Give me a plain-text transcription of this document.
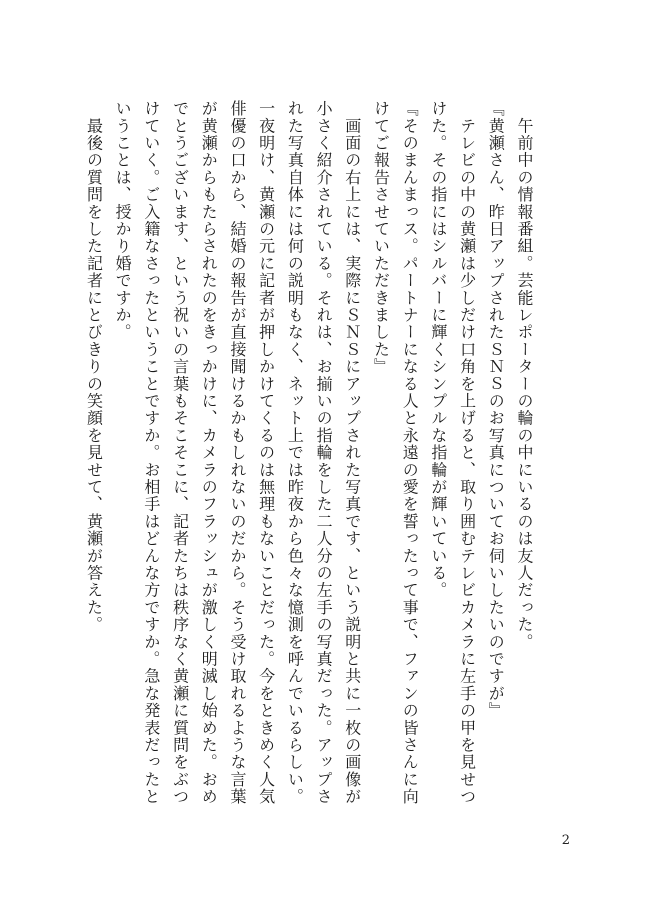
　午前中の情報番組。芸能レポーターの輪の中にいるのは友人だった。

『黄瀬さん、昨日アップされたＳＮＳのお写真についてお伺いしたいのですが』

　テレビの中の黄瀬は少しだけ口角を上げると、取り囲むテレビカメラに左手の甲を見せつけた。その指にはシルバーに輝くシンプルな指輪が輝いている。

『そのまんまっス。パートナーになる人と永遠の愛を誓ったって事で、ファンの皆さんに向けてご報告させていただきました』

　画面の右上には、実際にＳＮＳにアップされた写真です、という説明と共に一枚の画像が小さく紹介されている。それは、お揃いの指輪をした二人分の左手の写真だった。アップされた写真自体には何の説明もなく、ネット上では昨夜から色々な憶測を呼んでいるらしい。一夜明け、黄瀬の元に記者が押しかけてくるのは無理もないことだった。今をときめく人気俳優の口から、結婚の報告が直接聞けるかもしれないのだから。そう受け取れるような言葉が黄瀬からもたらされたのをきっかけに、カメラのフラッシュが激しく明滅し始めた。おめでとうございます、という祝いの言葉もそこそこに、記者たちは秩序なく黄瀬に質問をぶつけていく。ご入籍なさったということですか。お相手はどんな方ですか。急な発表だったということは、授かり婚ですか。

　最後の質問をした記者にとびきりの笑顔を見せて、黄瀬が答えた。

2
